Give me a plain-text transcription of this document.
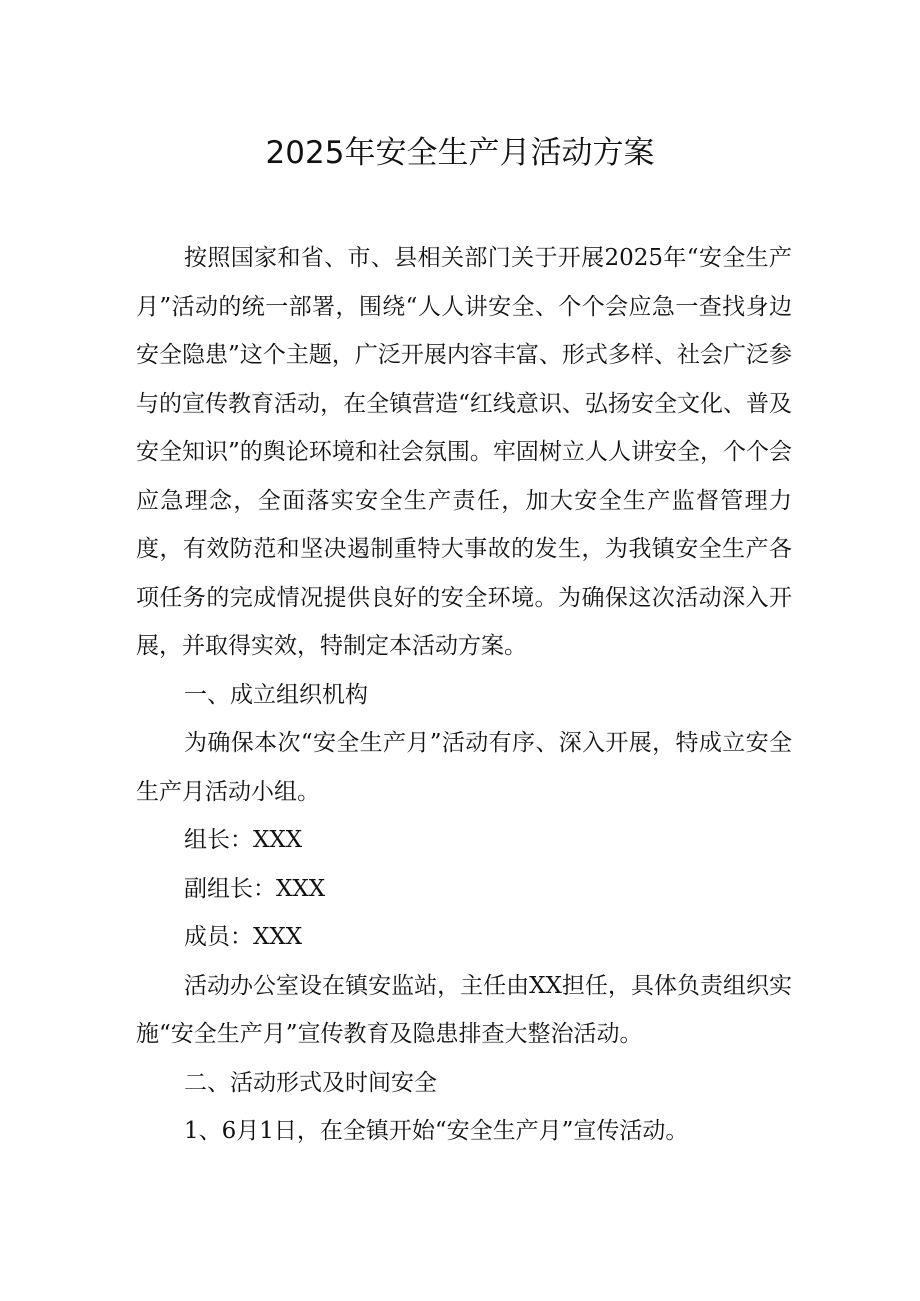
2025年安全生产月活动方案

按照国家和省、市、县相关部门关于开展2025年“安全生产月”活动的统一部署，围绕“人人讲安全、个个会应急一查找身边安全隐患”这个主题，广泛开展内容丰富、形式多样、社会广泛参与的宣传教育活动，在全镇营造“红线意识、弘扬安全文化、普及安全知识”的舆论环境和社会氛围。牢固树立人人讲安全，个个会应急理念，全面落实安全生产责任，加大安全生产监督管理力度，有效防范和坚决遏制重特大事故的发生，为我镇安全生产各项任务的完成情况提供良好的安全环境。为确保这次活动深入开展，并取得实效，特制定本活动方案。

一、成立组织机构

为确保本次“安全生产月”活动有序、深入开展，特成立安全生产月活动小组。

组长：XXX

副组长：XXX

成员：XXX

活动办公室设在镇安监站，主任由XX担任，具体负责组织实施“安全生产月”宣传教育及隐患排查大整治活动。

二、活动形式及时间安全

1、6月1日，在全镇开始“安全生产月”宣传活动。
